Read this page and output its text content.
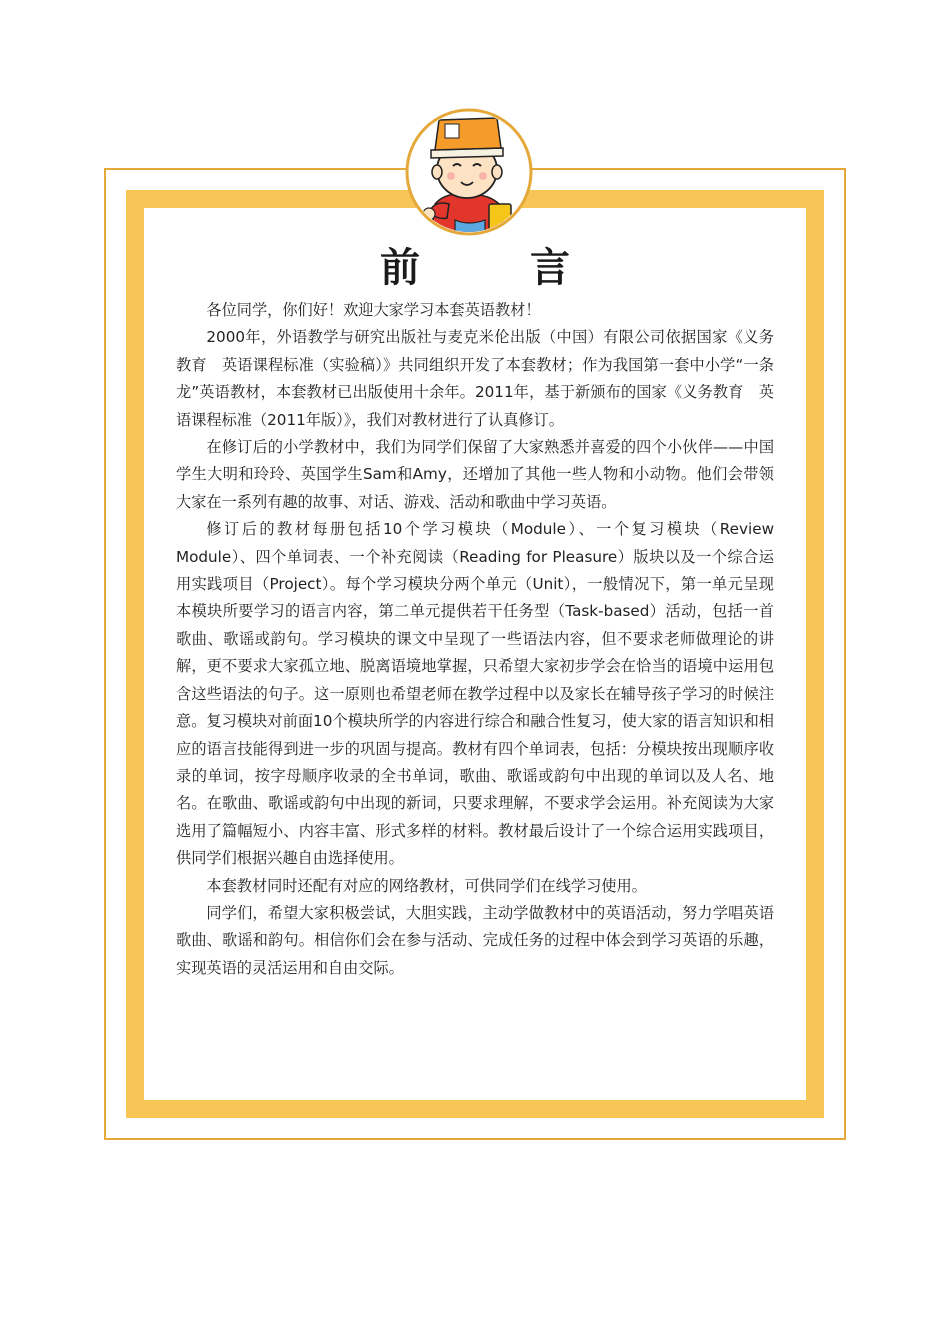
前	言

各位同学，你们好！欢迎大家学习本套英语教材！

2000年，外语教学与研究出版社与麦克米伦出版（中国）有限公司依据国家《义务教育　英语课程标准（实验稿）》共同组织开发了本套教材；作为我国第一套中小学“一条龙”英语教材，本套教材已出版使用十余年。2011年，基于新颁布的国家《义务教育　英语课程标准（2011年版）》，我们对教材进行了认真修订。

在修订后的小学教材中，我们为同学们保留了大家熟悉并喜爱的四个小伙伴——中国学生大明和玲玲、英国学生Sam和Amy，还增加了其他一些人物和小动物。他们会带领大家在一系列有趣的故事、对话、游戏、活动和歌曲中学习英语。

修订后的教材每册包括10个学习模块（Module）、一个复习模块（Review Module）、四个单词表、一个补充阅读（Reading for Pleasure）版块以及一个综合运用实践项目（Project）。每个学习模块分两个单元（Unit），一般情况下，第一单元呈现本模块所要学习的语言内容，第二单元提供若干任务型（Task-based）活动，包括一首歌曲、歌谣或韵句。学习模块的课文中呈现了一些语法内容，但不要求老师做理论的讲解，更不要求大家孤立地、脱离语境地掌握，只希望大家初步学会在恰当的语境中运用包含这些语法的句子。这一原则也希望老师在教学过程中以及家长在辅导孩子学习的时候注意。复习模块对前面10个模块所学的内容进行综合和融合性复习，使大家的语言知识和相应的语言技能得到进一步的巩固与提高。教材有四个单词表，包括：分模块按出现顺序收录的单词，按字母顺序收录的全书单词，歌曲、歌谣或韵句中出现的单词以及人名、地名。在歌曲、歌谣或韵句中出现的新词，只要求理解，不要求学会运用。补充阅读为大家选用了篇幅短小、内容丰富、形式多样的材料。教材最后设计了一个综合运用实践项目，供同学们根据兴趣自由选择使用。

本套教材同时还配有对应的网络教材，可供同学们在线学习使用。

同学们，希望大家积极尝试，大胆实践，主动学做教材中的英语活动，努力学唱英语歌曲、歌谣和韵句。相信你们会在参与活动、完成任务的过程中体会到学习英语的乐趣，实现英语的灵活运用和自由交际。
